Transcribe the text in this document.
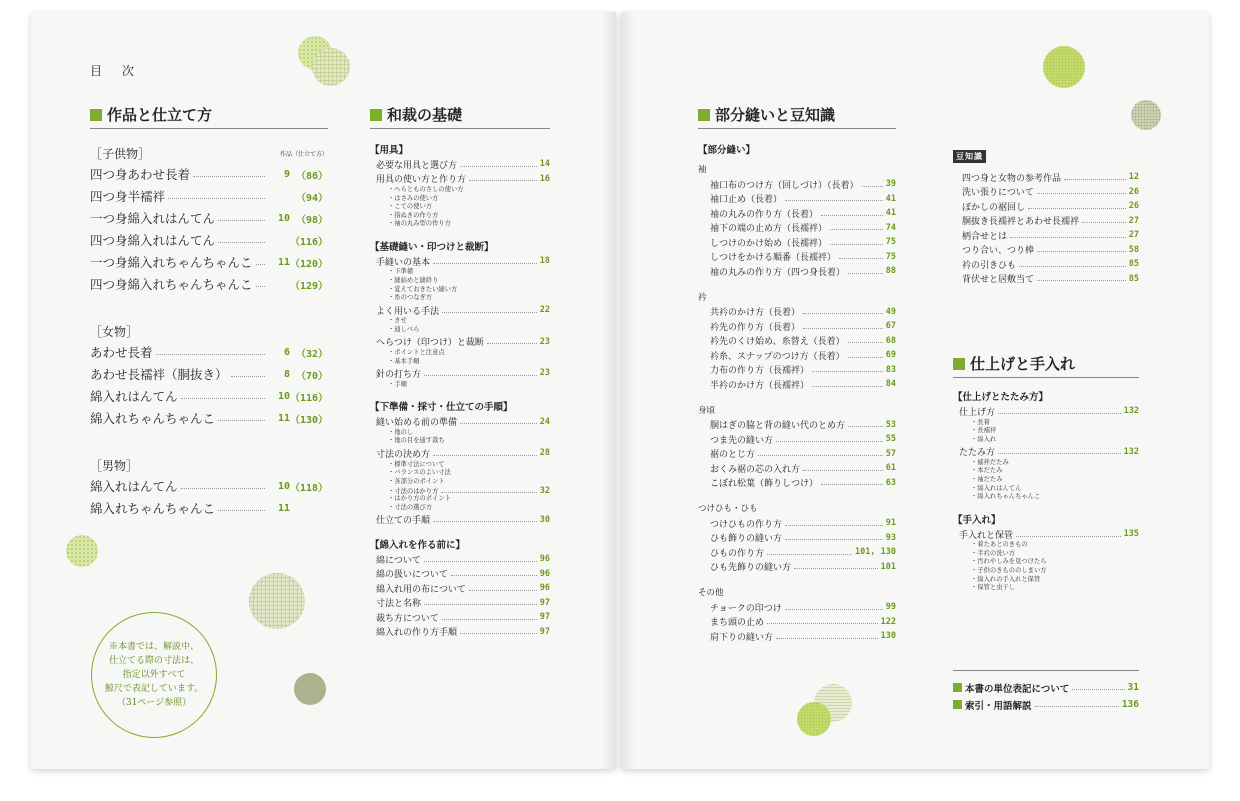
目　次
※本書では、解説中、
仕立てる際の寸法は、
指定以外すべて
鯨尺で表記しています。
（31ページ参照）
作品と仕立て方
［子供物］	作品（仕立て方）
四つ身あわせ長着	9 （86）
四つ身半襦袢	（94）
一つ身綿入れはんてん	10 （98）
四つ身綿入れはんてん	（116）
一つ身綿入れちゃんちゃんこ	11 （120）
四つ身綿入れちゃんちゃんこ	（129）
［女物］
あわせ長着	6 （32）
あわせ長襦袢（胴抜き）	8 （70）
綿入れはんてん	10 （116）
綿入れちゃんちゃんこ	11 （130）
［男物］
綿入れはんてん	10 （118）
綿入れちゃんちゃんこ	11
和裁の基礎
【用具】
必要な用具と選び方	14
用具の使い方と作り方	16
・へらとものさしの使い方
・はさみの使い方
・こての使い方
・指ぬきの作り方
・袖の丸み型の作り方
【基礎縫い・印つけと裁断】
手縫いの基本	18
・下準備
・縫始めと縫終り
・覚えておきたい縫い方
・糸のつなぎ方
よく用いる手法	22
・きせ
・通しべら
へらつけ（印つけ）と裁断	23
・ポイントと注意点
・基本手順
針の打ち方	23
・手順
【下準備・採寸・仕立ての手順】
縫い始める前の準備	24
・地のし
・地の目を通す裁ち
寸法の決め方	28
・標準寸法について
・バランスのよい寸法
・各部分のポイント
・寸法のはかり方	32
・はかり方のポイント
・寸法の選び方
仕立ての手順	30
【綿入れを作る前に】
綿について	96
綿の扱いについて	96
綿入れ用の布について	96
寸法と名称	97
裁ち方について	97
綿入れの作り方手順	97
部分縫いと豆知識
【部分縫い】
袖
袖口布のつけ方（回しづけ）（長着）	39
袖口止め（長着）	41
袖の丸みの作り方（長着）	41
袖下の端の止め方（長襦袢）	74
しつけのかけ始め（長襦袢）	75
しつけをかける順番（長襦袢）	75
袖の丸みの作り方（四つ身長着）	88
衿
共衿のかけ方（長着）	49
衿先の作り方（長着）	67
衿先のくけ始め、糸替え（長着）	68
衿糸、スナップのつけ方（長着）	69
力布の作り方（長襦袢）	83
半衿のかけ方（長襦袢）	84
身頃
胴はぎの脇と背の縫い代のとめ方	53
つま先の縫い方	55
裾のとじ方	57
おくみ裾の芯の入れ方	61
こぼれ松葉（飾りしつけ）	63
つけひも・ひも
つけひもの作り方	91
ひも飾りの縫い方	93
ひもの作り方	101, 130
ひも先飾りの縫い方	101
その他
チョークの印つけ	99
まち頭の止め	122
肩下りの縫い方	130
豆知識
四つ身と女物の参考作品	12
洗い張りについて	26
ぼかしの裾回し	26
胴抜き長襦袢とあわせ長襦袢	27
柄合せとは	27
つり合い、つり棒	58
衿の引きひも	85
背伏せと居敷当て	85
仕上げと手入れ
【仕上げとたたみ方】
仕上げ方	132
・長着
・長襦袢
・綿入れ
たたみ方	132
・襦袢だたみ
・本だたみ
・袖だたみ
・綿入れはんてん
・綿入れちゃんちゃんこ
【手入れ】
手入れと保管	135
・着たあとのきもの
・半衿の洗い方
・汚れやしみを見つけたら
・子供のきもののしまい方
・綿入れの手入れと保管
・保管と虫干し
本書の単位表記について	31
索引・用語解説	136
